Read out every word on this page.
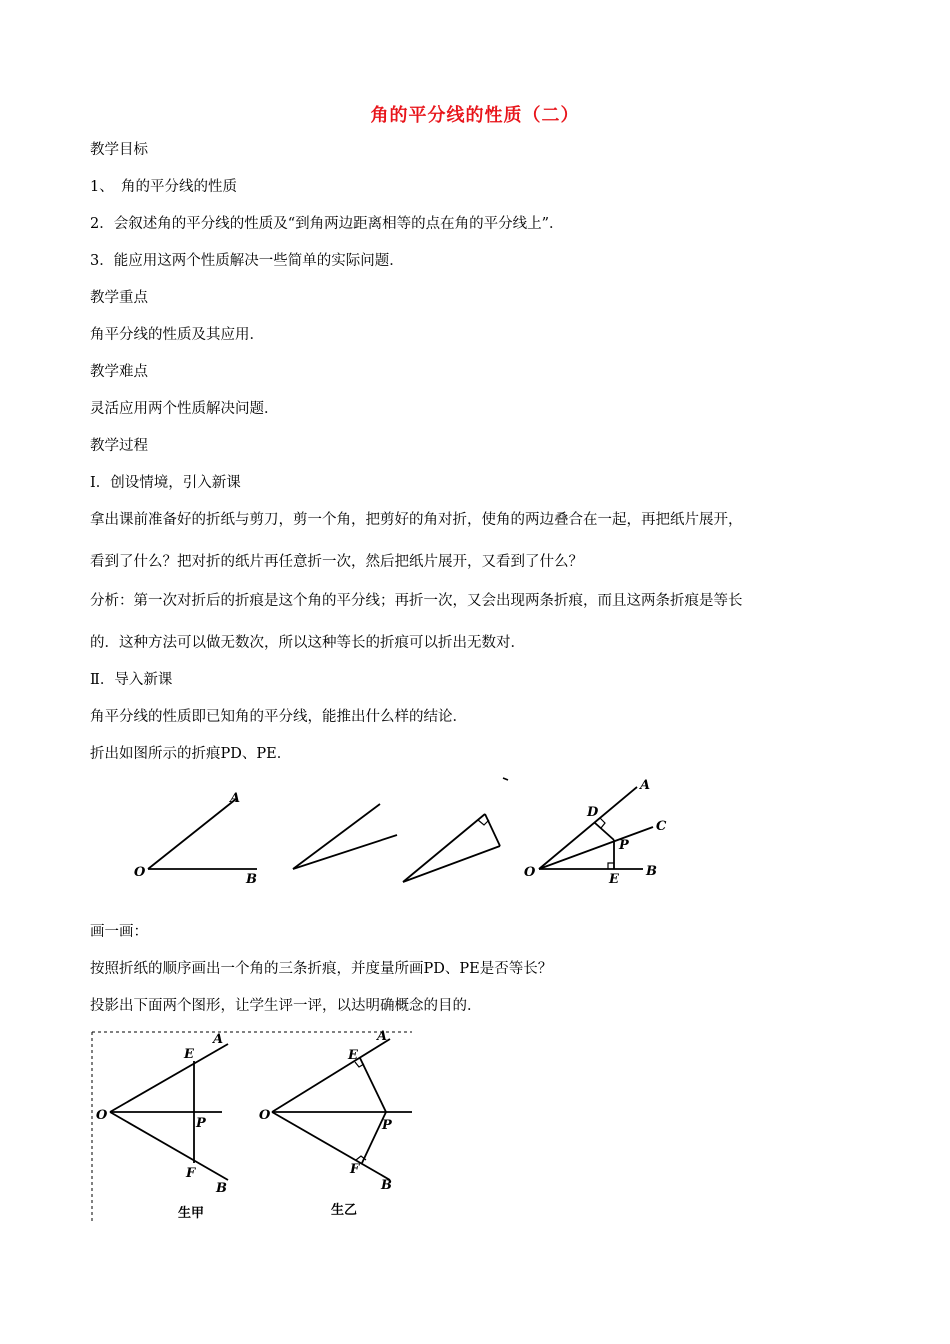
角的平分线的性质（二）
教学目标
1、　角的平分线的性质
2．会叙述角的平分线的性质及“到角两边距离相等的点在角的平分线上”．
3．能应用这两个性质解决一些简单的实际问题．
教学重点
角平分线的性质及其应用．
教学难点
灵活应用两个性质解决问题．
教学过程
Ⅰ．创设情境，引入新课
拿出课前准备好的折纸与剪刀，剪一个角，把剪好的角对折，使角的两边叠合在一起，再把纸片展开，
看到了什么？把对折的纸片再任意折一次，然后把纸片展开，又看到了什么？
分析：第一次对折后的折痕是这个角的平分线；再折一次，又会出现两条折痕，而且这两条折痕是等长
的．这种方法可以做无数次，所以这种等长的折痕可以折出无数对．
Ⅱ．导入新课
角平分线的性质即已知角的平分线，能推出什么样的结论．
折出如图所示的折痕PD、PE．
A
O	B
D
C
P
E
O	B
A
画一画：
按照折纸的顺序画出一个角的三条折痕，并度量所画PD、PE是否等长？
投影出下面两个图形，让学生评一评，以达明确概念的目的．
E
A
O
P
F
B
E
A
O
P
F
B
生甲	生乙
